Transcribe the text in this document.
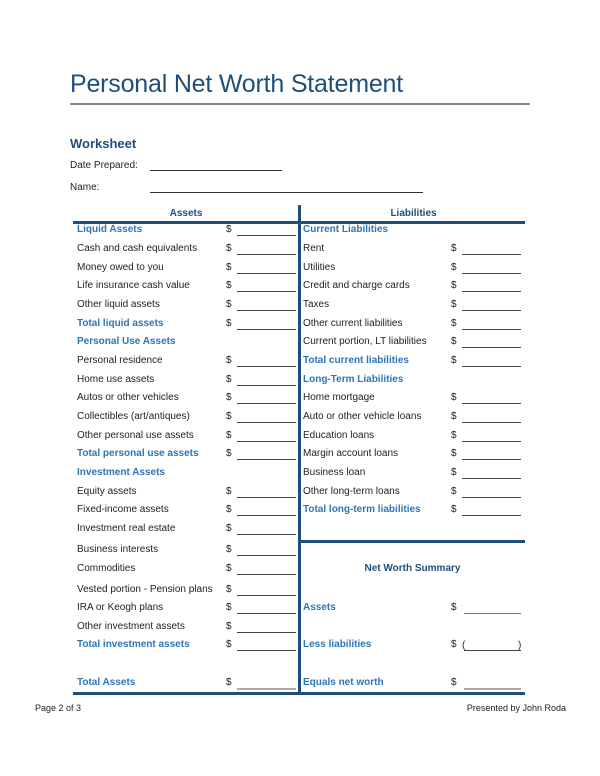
Personal Net Worth Statement
Worksheet
Date Prepared:
Name:
Assets	Liabilities
Liquid Assets	$
Cash and cash equivalents	$
Money owed to you	$
Life insurance cash value	$
Other liquid assets	$
Total liquid assets	$
Personal Use Assets
Personal residence	$
Home use assets	$
Autos or other vehicles	$
Collectibles (art/antiques)	$
Other personal use assets	$
Total personal use assets	$
Investment Assets
Equity assets	$
Fixed-income assets	$
Investment real estate	$
Business interests	$
Commodities	$
Vested portion - Pension plans $
IRA or Keogh plans	$
Other investment assets	$
Total investment assets	$
Total Assets	$
Current Liabilities
Rent	$
Utilities	$
Credit and charge cards	$
Taxes	$
Other current liabilities	$
Current portion, LT liabilities $
Total current liabilities	$
Long-Term Liabilities
Home mortgage	$
Auto or other vehicle loans	$
Education loans	$
Margin account loans	$
Business loan	$
Other long-term loans	$
Total long-term liabilities	$
Net Worth Summary
Assets	$
Less liabilities	$ (	)
Equals net worth	$
Page 2 of 3	Presented by John Roda
